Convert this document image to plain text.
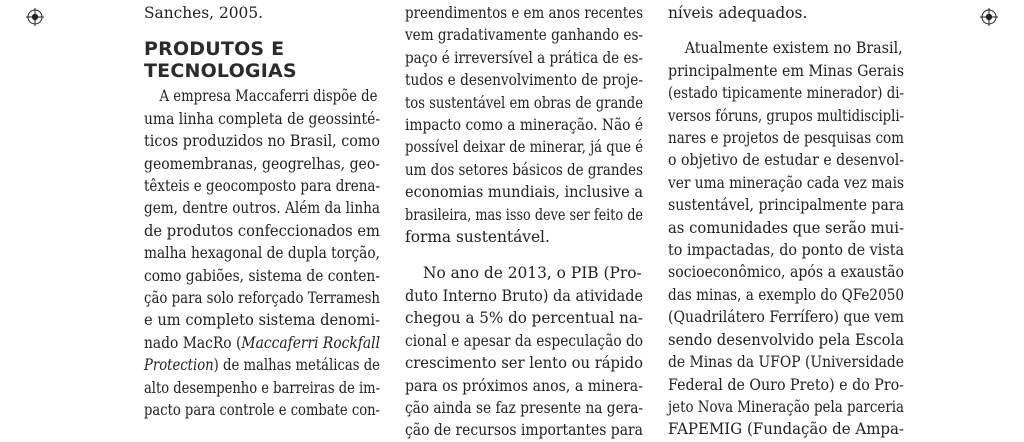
Sanches, 2005.
PRODUTOS E
TECNOLOGIAS

A empresa Maccaferri dispõe de
uma linha completa de geossinté-
ticos produzidos no Brasil, como
geomembranas, geogrelhas, geo-
têxteis e geocomposto para drena-
gem, dentre outros. Além da linha
de produtos confeccionados em
malha hexagonal de dupla torção,
como gabiões, sistema de conten-
ção para solo reforçado Terramesh
e um completo sistema denomi-
nado MacRo (Maccaferri Rockfall
Protection) de malhas metálicas de
alto desempenho e barreiras de im-
pacto para controle e combate con-

preendimentos e em anos recentes
vem gradativamente ganhando es-
paço é irreversível a prática de es-
tudos e desenvolvimento de proje-
tos sustentável em obras de grande
impacto como a mineração. Não é
possível deixar de minerar, já que é
um dos setores básicos de grandes
economias mundiais, inclusive a
brasileira, mas isso deve ser feito de
forma sustentável.

No ano de 2013, o PIB (Pro-
duto Interno Bruto) da atividade
chegou a 5% do percentual na-
cional e apesar da especulação do
crescimento ser lento ou rápido
para os próximos anos, a minera-
ção ainda se faz presente na gera-
ção de recursos importantes para

níveis adequados.

Atualmente existem no Brasil,
principalmente em Minas Gerais
(estado tipicamente minerador) di-
versos fóruns, grupos multidiscipli-
nares e projetos de pesquisas com
o objetivo de estudar e desenvol-
ver uma mineração cada vez mais
sustentável, principalmente para
as comunidades que serão mui-
to impactadas, do ponto de vista
socioeconômico, após a exaustão
das minas, a exemplo do QFe2050
(Quadrilátero Ferrífero) que vem
sendo desenvolvido pela Escola
de Minas da UFOP (Universidade
Federal de Ouro Preto) e do Pro-
jeto Nova Mineração pela parceria
FAPEMIG (Fundação de Ampa-
